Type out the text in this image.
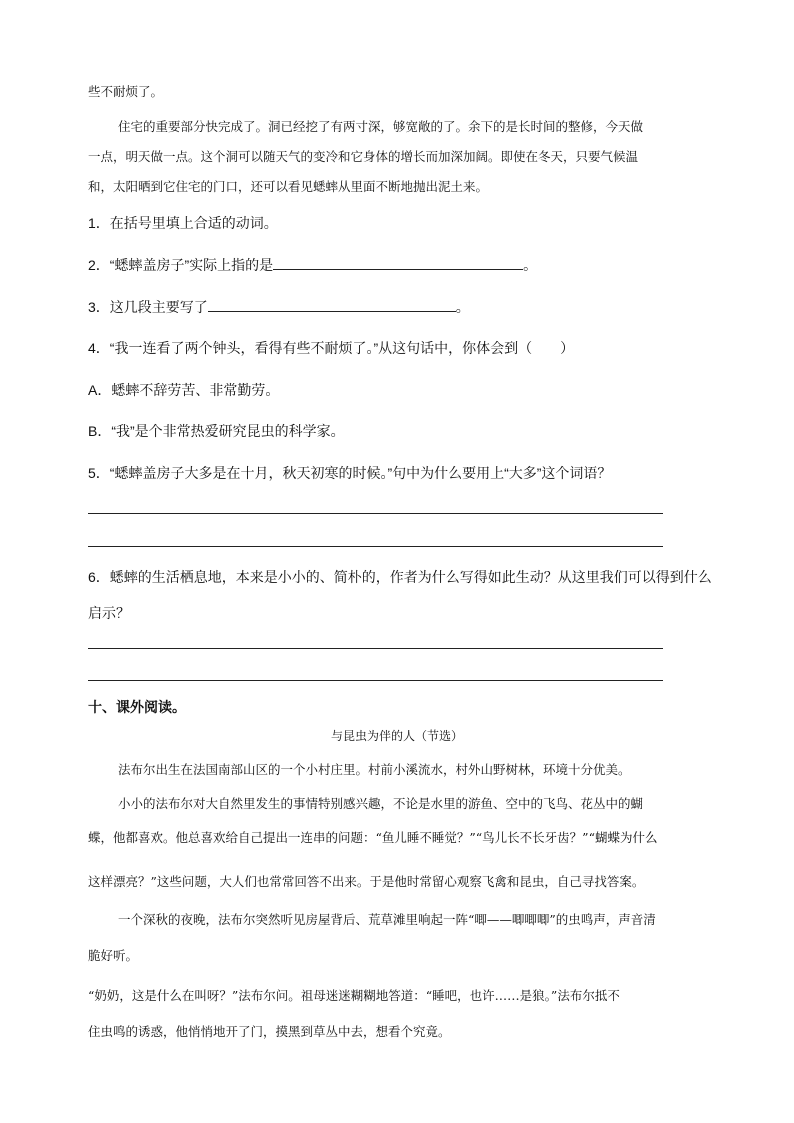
些不耐烦了。
住宅的重要部分快完成了。洞已经挖了有两寸深，够宽敞的了。余下的是长时间的整修，今天做
一点，明天做一点。这个洞可以随天气的变冷和它身体的增长而加深加阔。即使在冬天，只要气候温
和，太阳晒到它住宅的门口，还可以看见蟋蟀从里面不断地抛出泥土来。
1．在括号里填上合适的动词。
2．“蟋蟀盖房子”实际上指的是	。
3．这几段主要写了	。
4．“我一连看了两个钟头，看得有些不耐烦了。”从这句话中，你体会到（　　）
A．蟋蟀不辞劳苦、非常勤劳。
B．“我”是个非常热爱研究昆虫的科学家。
5．“蟋蟀盖房子大多是在十月，秋天初寒的时候。”句中为什么要用上“大多”这个词语？
6．蟋蟀的生活栖息地，本来是小小的、简朴的，作者为什么写得如此生动？从这里我们可以得到什么
启示？
十、课外阅读。
与昆虫为伴的人（节选）
法布尔出生在法国南部山区的一个小村庄里。村前小溪流水，村外山野树林，环境十分优美。
小小的法布尔对大自然里发生的事情特别感兴趣，不论是水里的游鱼、空中的飞鸟、花丛中的蝴
蝶，他都喜欢。他总喜欢给自己提出一连串的问题：“鱼儿睡不睡觉？”“鸟儿长不长牙齿？”“蝴蝶为什么
这样漂亮？”这些问题，大人们也常常回答不出来。于是他时常留心观察飞禽和昆虫，自己寻找答案。
一个深秋的夜晚，法布尔突然听见房屋背后、荒草滩里响起一阵“唧——唧唧唧”的虫鸣声，声音清
脆好听。
“奶奶，这是什么在叫呀？”法布尔问。祖母迷迷糊糊地答道：“睡吧，也许……是狼。”法布尔抵不
住虫鸣的诱惑，他悄悄地开了门，摸黑到草丛中去，想看个究竟。
